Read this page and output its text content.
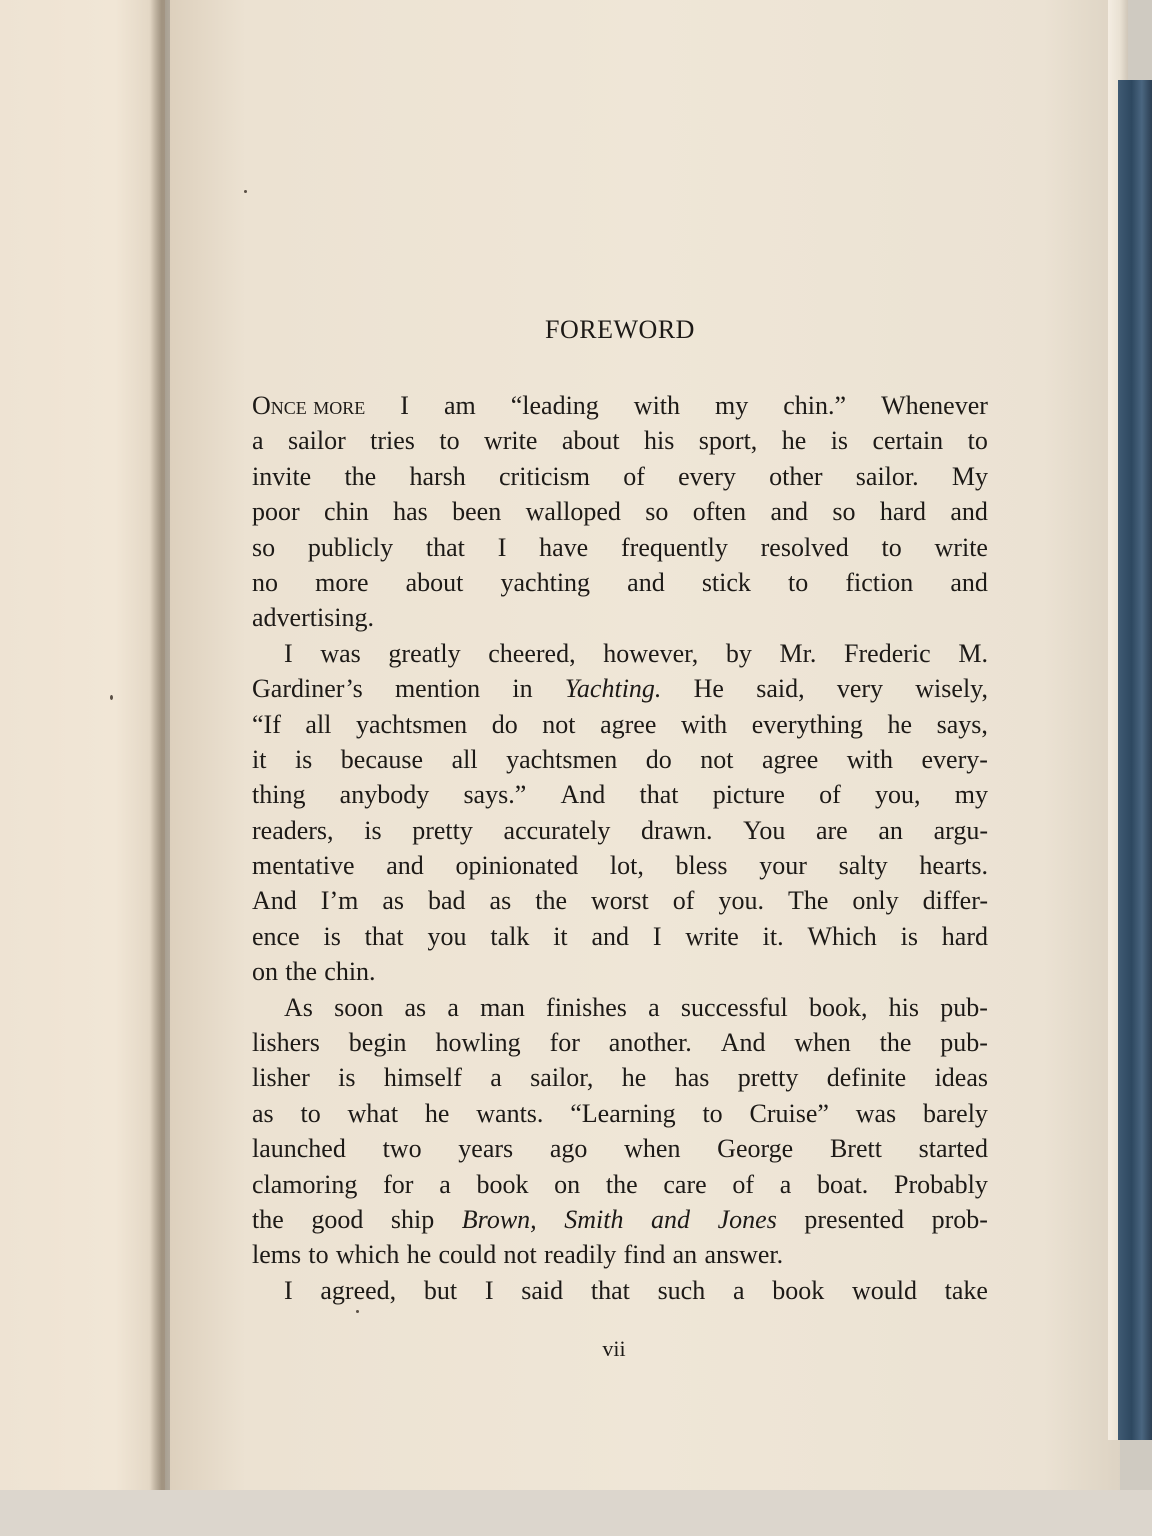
FOREWORD
Once more I am “leading with my chin.” Whenever
a sailor tries to write about his sport, he is certain to
invite the harsh criticism of every other sailor. My
poor chin has been walloped so often and so hard and
so publicly that I have frequently resolved to write
no more about yachting and stick to fiction and
advertising.
I was greatly cheered, however, by Mr. Frederic M.
Gardiner’s mention in Yachting. He said, very wisely,
“If all yachtsmen do not agree with everything he says,
it is because all yachtsmen do not agree with every-
thing anybody says.” And that picture of you, my
readers, is pretty accurately drawn. You are an argu-
mentative and opinionated lot, bless your salty hearts.
And I’m as bad as the worst of you. The only differ-
ence is that you talk it and I write it. Which is hard
on the chin.
As soon as a man finishes a successful book, his pub-
lishers begin howling for another. And when the pub-
lisher is himself a sailor, he has pretty definite ideas
as to what he wants. “Learning to Cruise” was barely
launched two years ago when George Brett started
clamoring for a book on the care of a boat. Probably
the good ship Brown, Smith and Jones presented prob-
lems to which he could not readily find an answer.
I agreed, but I said that such a book would take
vii
